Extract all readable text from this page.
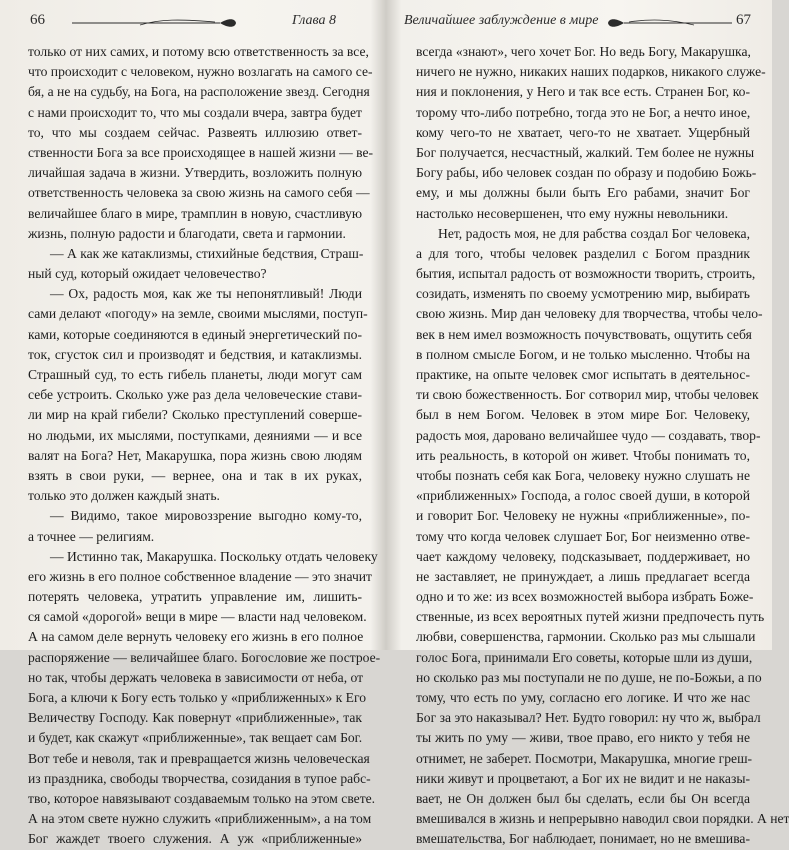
66	Глава 8
только от них самих, и потому всю ответственность за все,
что происходит с человеком, нужно возлагать на самого се-
бя, а не на судьбу, на Бога, на расположение звезд. Сегодня
с нами происходит то, что мы создали вчера, завтра будет
то, что мы создаем сейчас. Развеять иллюзию ответ-
ственности Бога за все происходящее в нашей жизни — ве-
личайшая задача в жизни. Утвердить, возложить полную
ответственность человека за свою жизнь на самого себя —
величайшее благо в мире, трамплин в новую, счастливую
жизнь, полную радости и благодати, света и гармонии.
— А как же катаклизмы, стихийные бедствия, Страш-
ный суд, который ожидает человечество?
— Ох, радость моя, как же ты непонятливый! Люди
сами делают «погоду» на земле, своими мыслями, поступ-
ками, которые соединяются в единый энергетический по-
ток, сгусток сил и производят и бедствия, и катаклизмы.
Страшный суд, то есть гибель планеты, люди могут сам
себе устроить. Сколько уже раз дела человеческие стави-
ли мир на край гибели? Сколько преступлений соверше-
но людьми, их мыслями, поступками, деяниями — и все
валят на Бога? Нет, Макарушка, пора жизнь свою людям
взять в свои руки, — вернее, она и так в их руках,
только это должен каждый знать.
— Видимо, такое мировоззрение выгодно кому-то,
а точнее — религиям.
— Истинно так, Макарушка. Поскольку отдать человеку
его жизнь в его полное собственное владение — это значит
потерять человека, утратить управление им, лишить-
ся самой «дорогой» вещи в мире — власти над человеком.
А на самом деле вернуть человеку его жизнь в его полное
распоряжение — величайшее благо. Богословие же построе-
но так, чтобы держать человека в зависимости от неба, от
Бога, а ключи к Богу есть только у «приближенных» к Его
Величеству Господу. Как повернут «приближенные», так
и будет, как скажут «приближенные», так вещает сам Бог.
Вот тебе и неволя, так и превращается жизнь человеческая
из праздника, свободы творчества, созидания в тупое рабс-
тво, которое навязывают создаваемым только на этом свете.
А на этом свете нужно служить «приближенным», а на том
Бог жаждет твоего служения. А уж «приближенные»
Величайшее заблуждение в мире	67
всегда «знают», чего хочет Бог. Но ведь Богу, Макарушка,
ничего не нужно, никаких наших подарков, никакого служе-
ния и поклонения, у Него и так все есть. Странен Бог, ко-
торому что-либо потребно, тогда это не Бог, а нечто иное,
кому чего-то не хватает, чего-то не хватает. Ущербный
Бог получается, несчастный, жалкий. Тем более не нужны
Богу рабы, ибо человек создан по образу и подобию Божь-
ему, и мы должны были быть Его рабами, значит Бог
настолько несовершенен, что ему нужны невольники.
Нет, радость моя, не для рабства создал Бог человека,
а для того, чтобы человек разделил с Богом праздник
бытия, испытал радость от возможности творить, строить,
созидать, изменять по своему усмотрению мир, выбирать
свою жизнь. Мир дан человеку для творчества, чтобы чело-
век в нем имел возможность почувствовать, ощутить себя
в полном смысле Богом, и не только мысленно. Чтобы на
практике, на опыте человек смог испытать в деятельнос-
ти свою божественность. Бог сотворил мир, чтобы человек
был в нем Богом. Человек в этом мире Бог. Человеку,
радость моя, даровано величайшее чудо — создавать, твор-
ить реальность, в которой он живет. Чтобы понимать то,
чтобы познать себя как Бога, человеку нужно слушать не
«приближенных» Господа, а голос своей души, в которой
и говорит Бог. Человеку не нужны «приближенные», по-
тому что когда человек слушает Бог, Бог неизменно отве-
чает каждому человеку, подсказывает, поддерживает, но
не заставляет, не принуждает, а лишь предлагает всегда
одно и то же: из всех возможностей выбора избрать Боже-
ственные, из всех вероятных путей жизни предпочесть путь
любви, совершенства, гармонии. Сколько раз мы слышали
голос Бога, принимали Его советы, которые шли из души,
но сколько раз мы поступали не по душе, не по-Божьи, а по
тому, что есть по уму, согласно его логике. И что же нас
Бог за это наказывал? Нет. Будто говорил: ну что ж, выбрал
ты жить по уму — живи, твое право, его никто у тебя не
отнимет, не заберет. Посмотри, Макарушка, многие греш-
ники живут и процветают, а Бог их не видит и не наказы-
вает, не Он должен был бы сделать, если бы Он всегда
вмешивался в жизнь и непрерывно наводил свои порядки. А нет
вмешательства, Бог наблюдает, понимает, но не вмешива-
